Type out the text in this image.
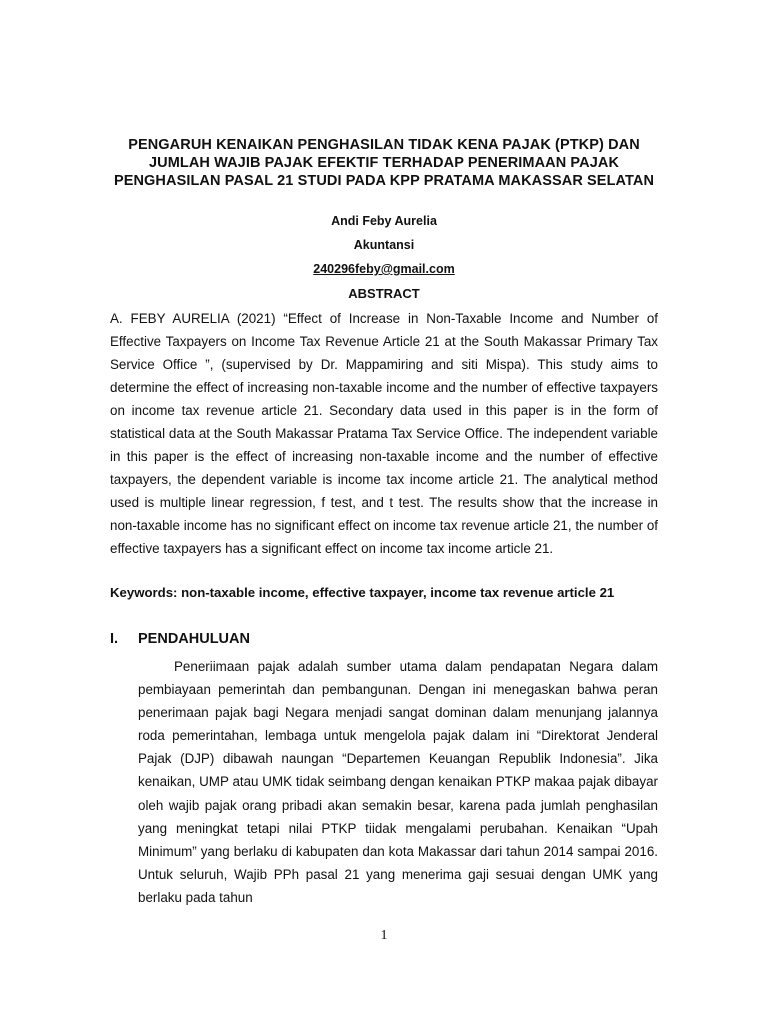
PENGARUH KENAIKAN PENGHASILAN TIDAK KENA PAJAK (PTKP) DAN JUMLAH WAJIB PAJAK EFEKTIF TERHADAP PENERIMAAN PAJAK PENGHASILAN PASAL 21 STUDI PADA KPP PRATAMA MAKASSAR SELATAN
Andi Feby Aurelia
Akuntansi
240296feby@gmail.com
ABSTRACT
A. FEBY AURELIA (2021) “Effect of Increase in Non-Taxable Income and Number of Effective Taxpayers on Income Tax Revenue Article 21 at the South Makassar Primary Tax Service Office ”, (supervised by Dr. Mappamiring and siti Mispa). This study aims to determine the effect of increasing non-taxable income and the number of effective taxpayers on income tax revenue article 21. Secondary data used in this paper is in the form of statistical data at the South Makassar Pratama Tax Service Office. The independent variable in this paper is the effect of increasing non-taxable income and the number of effective taxpayers, the dependent variable is income tax income article 21. The analytical method used is multiple linear regression, f test, and t test. The results show that the increase in non-taxable income has no significant effect on income tax revenue article 21, the number of effective taxpayers has a significant effect on income tax income article 21.
Keywords: non-taxable income, effective taxpayer, income tax revenue article 21
I. PENDAHULUAN

Peneriimaan pajak adalah sumber utama dalam pendapatan Negara dalam pembiayaan pemerintah dan pembangunan. Dengan ini menegaskan bahwa peran penerimaan pajak bagi Negara menjadi sangat dominan dalam menunjang jalannya roda pemerintahan, lembaga untuk mengelola pajak dalam ini “Direktorat Jenderal Pajak (DJP) dibawah naungan “Departemen Keuangan Republik Indonesia”. Jika kenaikan, UMP atau UMK tidak seimbang dengan kenaikan PTKP makaa pajak dibayar oleh wajib pajak orang pribadi akan semakin besar, karena pada jumlah penghasilan yang meningkat tetapi nilai PTKP tiidak mengalami perubahan. Kenaikan “Upah Minimum” yang berlaku di kabupaten dan kota Makassar dari tahun 2014 sampai 2016. Untuk seluruh, Wajib PPh pasal 21 yang menerima gaji sesuai dengan UMK yang berlaku pada tahun

1
